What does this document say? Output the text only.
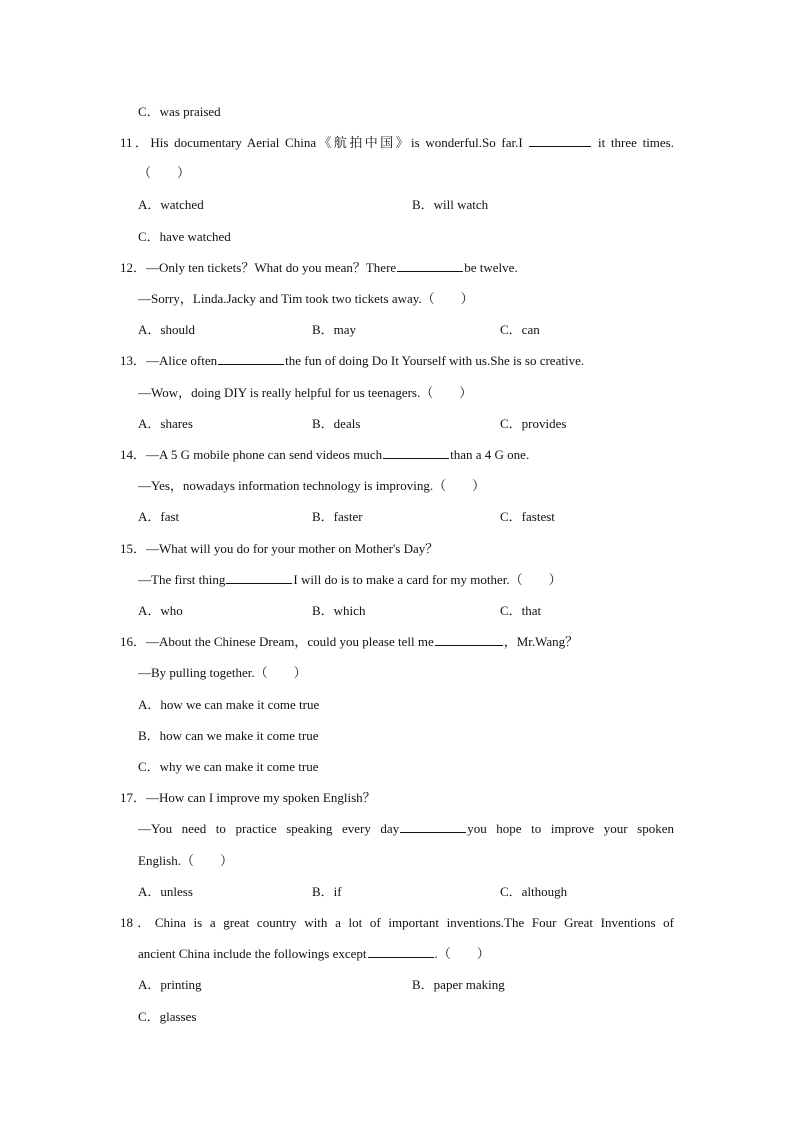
C．was praised
11．His documentary Aerial China《航拍中国》is wonderful.So far.I	it three times.
（　　）
A．watched	B．will watch
C．have watched
12．—Only ten tickets？What do you mean？There	be twelve.
—Sorry，Linda.Jacky and Tim took two tickets away.（　　）
A．should	B．may	C．can
13．—Alice often	the fun of doing Do It Yourself with us.She is so creative.
—Wow，doing DIY is really helpful for us teenagers.（　　）
A．shares	B．deals	C．provides
14．—A 5 G mobile phone can send videos much	than a 4 G one.
—Yes，nowadays information technology is improving.（　　）
A．fast	B．faster	C．fastest
15．—What will you do for your mother on Mother's Day？
—The first thing	I will do is to make a card for my mother.（　　）
A．who	B．which	C．that
16．—About the Chinese Dream，could you please tell me	，Mr.Wang？
—By pulling together.（　　）
A．how we can make it come true
B．how can we make it come true
C．why we can make it come true
17．—How can I improve my spoken English？
—You need to practice speaking every day	you hope to improve your spoken
English.（　　）
A．unless	B．if	C．although
18．China is a great country with a lot of important inventions.The Four Great Inventions of
ancient China include the followings except	.（　　）
A．printing	B．paper making
C．glasses
